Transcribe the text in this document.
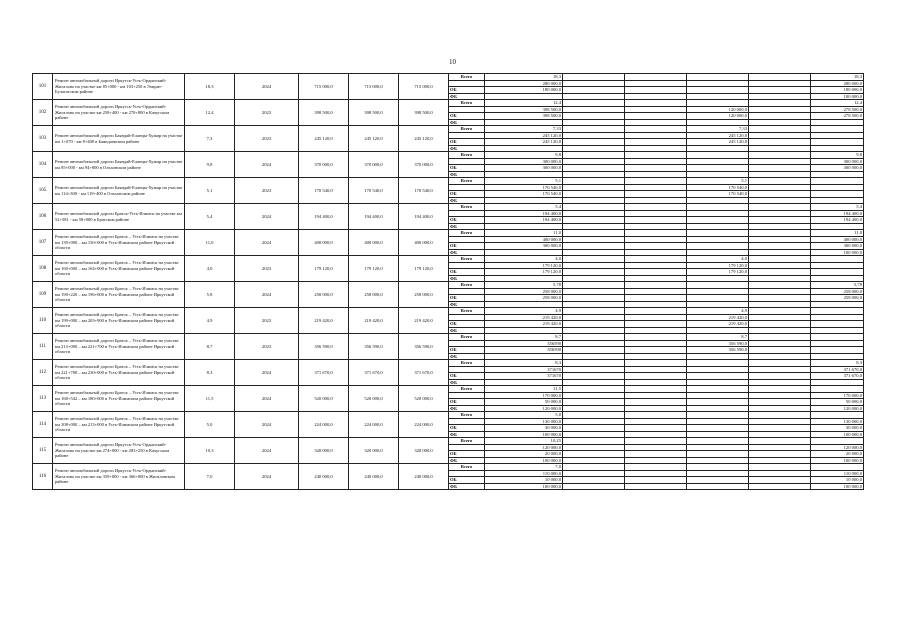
10
101	Ремонт автомобильной дороги Иркутск-Усть-Ордынский-Жигалово на участке км 85+000 - км 103+250 в Эхирит-Булагатском районе	18,3	2024	715 000,0	715 000,0	715 000,0	Всего	18,3					18,3
								280 000,0					280 000,0
							ОБ	180 000,0					180 000,0
							ФБ						100 000,0
102	Ремонт автомобильной дороги Иркутск-Усть-Ордынский-Жигалово на участке км 258+400 - км 270+800 в Качугском районе	12,4	2023	398 500,0	398 500,0	398 500,0	Всего	12,4					12,4
								398 500,0			120 000,0		278 500,0
							ОБ	398 500,0			120 000,0		278 500,0
							ФБ						
103	Ремонт автомобильной дороги Баяндай-Еланцы-Хужир на участке км 1+070 - км 8+400 в Баяндаевском районе	7,3	2023	245 120,0	245 120,0	245 120,0	Всего	7,33			7,33		
								245 120,0			245 120,0		
							ОБ	245 120,0			245 120,0		
							ФБ						
104	Ремонт автомобильной дороги Баяндай-Еланцы-Хужир на участке км 85+000 - км 94+800 в Ольхонском районе	9,8	2024	370 000,0	370 000,0	370 000,0	Всего	9,8					9,8
								300 000,0					300 000,0
							ОБ	300 000,0					300 000,0
							ФБ						
105	Ремонт автомобильной дороги Баяндай-Еланцы-Хужир на участке км 114+300 - км 119+400 в Ольхонском районе	5,1	2023	170 540,0	170 540,0	170 540,0	Всего	5,1			5,1		
								170 540,0			170 540,0		
							ОБ	170 540,0			170 540,0		
							ФБ						
106	Ремонт автомобильной дороги Братск-Усть-Илимск на участке км 52+581 - км 58+000 в Братском районе	5,4	2024	194 400,0	194 400,0	194 400,0	Всего	5,4					5,4
								194 400,0					194 400,0
							ОБ	194 400,0					194 400,0
							ФБ						
107	Ремонт автомобильной дороги Братск – Усть-Илимск на участке км 139+000 – км 150+000 в Усть-Илимском районе Иркутской области	11,0	2024	400 000,0	400 000,0	400 000,0	Всего	11,0					11,0
								400 000,0					400 000,0
							ОБ	300 000,0					300 000,0
							ФБ						100 000,0
108	Ремонт автомобильной дороги Братск – Усть-Илимск на участке км 160+000 – км 164+000 в Усть-Илимском районе Иркутской области	4,0	2023	179 120,0	179 120,0	179 120,0	Всего	4,0			4,0		
								179 120,0			179 120,0		
							ОБ	179 120,0			179 120,0		
							ФБ						
109	Ремонт автомобильной дороги Братск – Усть-Илимск на участке км 190+220 – км 196+000 в Усть-Илимском районе Иркутской области	5,8	2024	258 000,0	258 000,0	258 000,0	Всего	5,78					5,78
								258 000,0					258 000,0
							ОБ	258 000,0					258 000,0
							ФБ						
110	Ремонт автомобильной дороги Братск – Усть-Илимск на участке км 199+000 – км 203+900 в Усть-Илимском районе Иркутской области	4,9	2023	219 420,0	219 420,0	219 420,0	Всего	4,9			4,9		
								219 420,0			219 420,0		
							ОБ	219 420,0			219 420,0		
							ФБ						
111	Ремонт автомобильной дороги Братск – Усть-Илимск на участке км 213+000 – км 221+700 в Усть-Илимском районе Иркутской области	8,7	2023	356 590,0	356 590,0	356 590,0	Всего	8,7			8,7		
								356590			356 590,0		
							ОБ	356590			356 590,0		
							ФБ						
112	Ремонт автомобильной дороги Братск – Усть-Илимск на участке км 221+700 – км 230+000 в Усть-Илимском районе Иркутской области	8,3	2024	371 670,0	371 670,0	371 670,0	Всего	8,3					8,3
								371670					371 670,0
							ОБ	371670					371 670,0
							ФБ						
113	Ремонт автомобильной дороги Братск – Усть-Илимск на участке км 168+542 – км 180+000 в Усть-Илимском районе Иркутской области	11,5	2024	520 000,0	520 000,0	520 000,0	Всего	11,5					
								170 000,0					170 000,0
							ОБ	50 000,0					50 000,0
							ФБ	120 000,0					120 000,0
114	Ремонт автомобильной дороги Братск – Усть-Илимск на участке км 208+000 – км 213+000 в Усть-Илимском районе Иркутской области	5,0	2024	224 000,0	224 000,0	224 000,0	Всего	5,0					
								130 000,0					130 000,0
							ОБ	30 000,0					30 000,0
							ФБ	100 000,0					100 000,0
115	Ремонт автомобильной дороги Иркутск-Усть-Ордынский-Жигалово на участке км 274+000 - км 283+250 в Качугском районе	10,3	2024	320 000,0	320 000,0	320 000,0	Всего	10,25					
								120 000,0					120 000,0
							ОБ	20 000,0					20 000,0
							ФБ	100 000,0					100 000,0
116	Ремонт автомобильной дороги Иркутск-Усть-Ордынский-Жигалово на участке км 359+000 - км 366+000 в Жигаловском районе	7,0	2024	240 000,0	240 000,0	240 000,0	Всего	7,0					
								110 000,0					110 000,0
							ОБ	10 000,0					10 000,0
							ФБ	100 000,0					100 000,0
